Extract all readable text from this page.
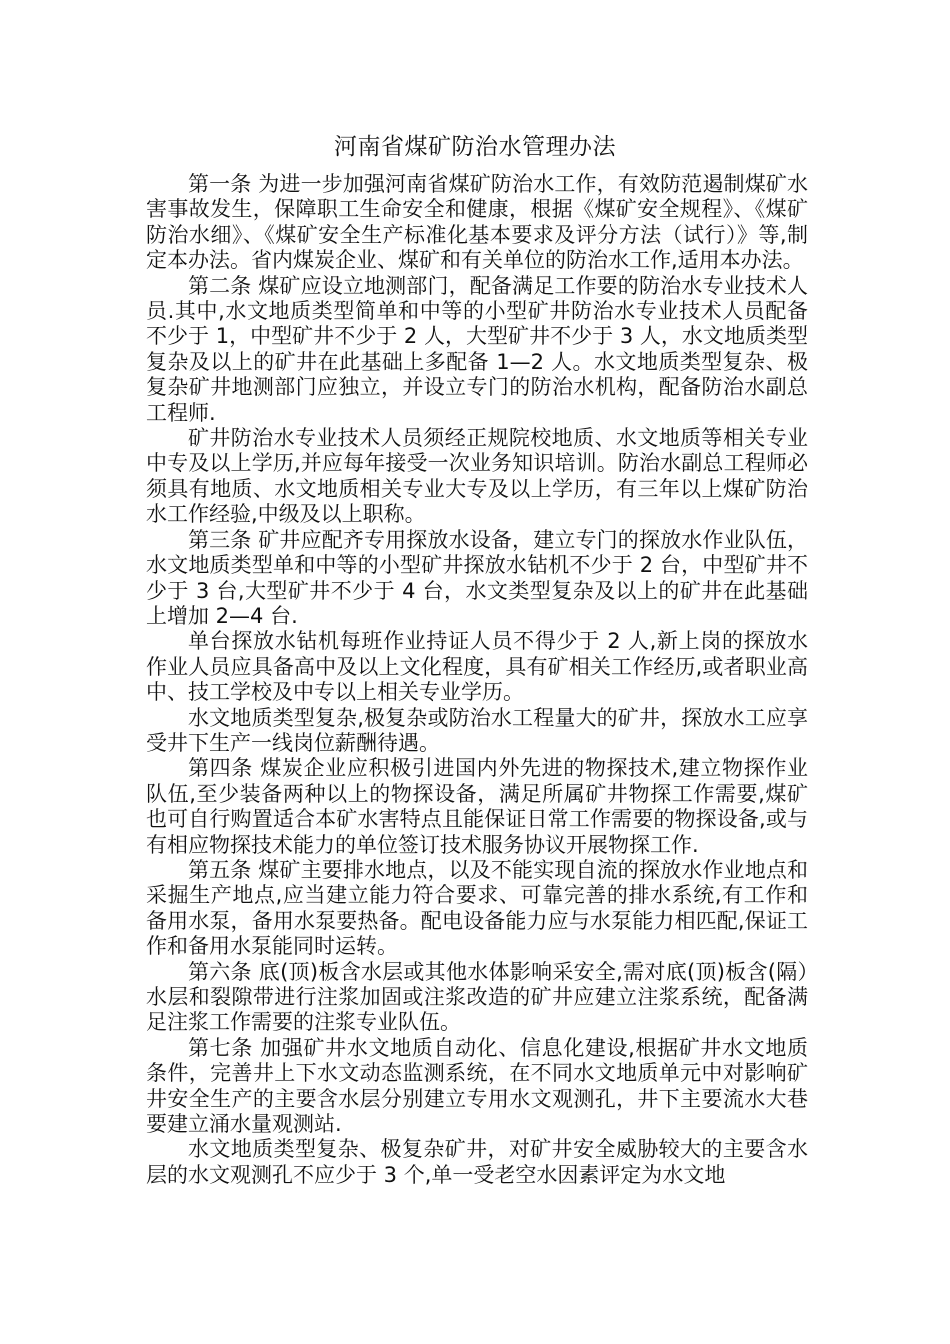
河南省煤矿防治水管理办法

第一条 为进一步加强河南省煤矿防治水工作，有效防范遏制煤矿水害事故发生，保障职工生命安全和健康，根据《煤矿安全规程》、《煤矿防治水细》、《煤矿安全生产标准化基本要求及评分方法（试行）》等,制定本办法。省内煤炭企业、煤矿和有关单位的防治水工作,适用本办法。

第二条 煤矿应设立地测部门，配备满足工作要的防治水专业技术人员.其中,水文地质类型简单和中等的小型矿井防治水专业技术人员配备不少于 1，中型矿井不少于 2 人，大型矿井不少于 3 人，水文地质类型复杂及以上的矿井在此基础上多配备 1—2 人。水文地质类型复杂、极复杂矿井地测部门应独立，并设立专门的防治水机构，配备防治水副总工程师.

矿井防治水专业技术人员须经正规院校地质、水文地质等相关专业中专及以上学历,并应每年接受一次业务知识培训。防治水副总工程师必须具有地质、水文地质相关专业大专及以上学历，有三年以上煤矿防治水工作经验,中级及以上职称。

第三条 矿井应配齐专用探放水设备，建立专门的探放水作业队伍，水文地质类型单和中等的小型矿井探放水钻机不少于 2 台，中型矿井不少于 3 台,大型矿井不少于 4 台，水文类型复杂及以上的矿井在此基础上增加 2—4 台.

单台探放水钻机每班作业持证人员不得少于 2 人,新上岗的探放水作业人员应具备高中及以上文化程度，具有矿相关工作经历,或者职业高中、技工学校及中专以上相关专业学历。

水文地质类型复杂,极复杂或防治水工程量大的矿井，探放水工应享受井下生产一线岗位薪酬待遇。

第四条 煤炭企业应积极引进国内外先进的物探技术,建立物探作业队伍,至少装备两种以上的物探设备，满足所属矿井物探工作需要,煤矿也可自行购置适合本矿水害特点且能保证日常工作需要的物探设备,或与有相应物探技术能力的单位签订技术服务协议开展物探工作.

第五条 煤矿主要排水地点，以及不能实现自流的探放水作业地点和采掘生产地点,应当建立能力符合要求、可靠完善的排水系统,有工作和备用水泵，备用水泵要热备。配电设备能力应与水泵能力相匹配,保证工作和备用水泵能同时运转。

第六条 底(顶)板含水层或其他水体影响采安全,需对底(顶)板含(隔）水层和裂隙带进行注浆加固或注浆改造的矿井应建立注浆系统，配备满足注浆工作需要的注浆专业队伍。

第七条 加强矿井水文地质自动化、信息化建设,根据矿井水文地质条件，完善井上下水文动态监测系统，在不同水文地质单元中对影响矿井安全生产的主要含水层分别建立专用水文观测孔，井下主要流水大巷要建立涌水量观测站.

水文地质类型复杂、极复杂矿井，对矿井安全威胁较大的主要含水层的水文观测孔不应少于 3 个,单一受老空水因素评定为水文地
